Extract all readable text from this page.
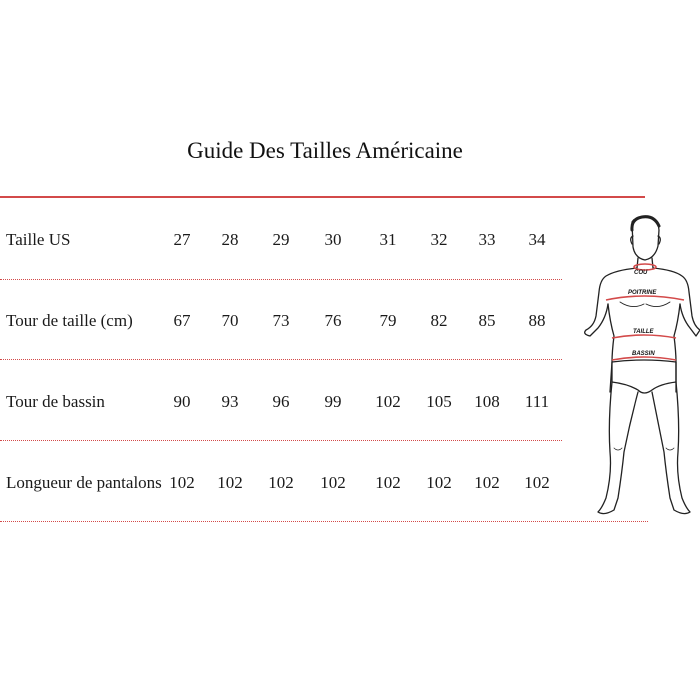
Guide Des Tailles Américaine
Taille US	27	28	29	30	31	32	33	34
Tour de taille (cm)	67	70	73	76	79	82	85	88
Tour de bassin	90	93	96	99	102	105	108	111
Longueur de pantalons 102	102	102	102	102	102	102	102
COU
POITRINE
TAILLE
BASSIN
